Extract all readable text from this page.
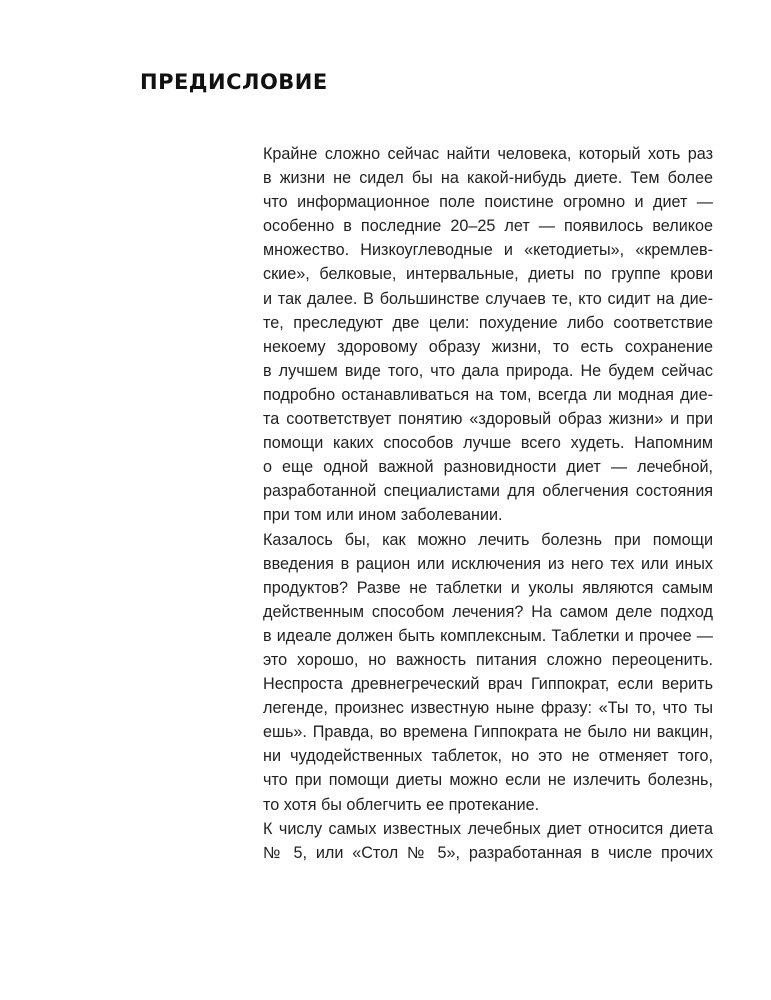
ПРЕДИСЛОВИЕ
Крайне сложно сейчас найти человека, который хоть раз
в жизни не сидел бы на какой-нибудь диете. Тем более
что информационное поле поистине огромно и диет —
особенно в последние 20–25 лет — появилось великое
множество. Низкоуглеводные и «кетодиеты», «кремлев-
ские», белковые, интервальные, диеты по группе крови
и так далее. В большинстве случаев те, кто сидит на дие-
те, преследуют две цели: похудение либо соответствие
некоему здоровому образу жизни, то есть сохранение
в лучшем виде того, что дала природа. Не будем сейчас
подробно останавливаться на том, всегда ли модная дие-
та соответствует понятию «здоровый образ жизни» и при
помощи каких способов лучше всего худеть. Напомним
о еще одной важной разновидности диет — лечебной,
разработанной специалистами для облегчения состояния
при том или ином заболевании.
Казалось бы, как можно лечить болезнь при помощи
введения в рацион или исключения из него тех или иных
продуктов? Разве не таблетки и уколы являются самым
действенным способом лечения? На самом деле подход
в идеале должен быть комплексным. Таблетки и прочее —
это хорошо, но важность питания сложно переоценить.
Неспроста древнегреческий врач Гиппократ, если верить
легенде, произнес известную ныне фразу: «Ты то, что ты
ешь». Правда, во времена Гиппократа не было ни вакцин,
ни чудодейственных таблеток, но это не отменяет того,
что при помощи диеты можно если не излечить болезнь,
то хотя бы облегчить ее протекание.
К числу самых известных лечебных диет относится диета
№ 5, или «Стол № 5», разработанная в числе прочих
